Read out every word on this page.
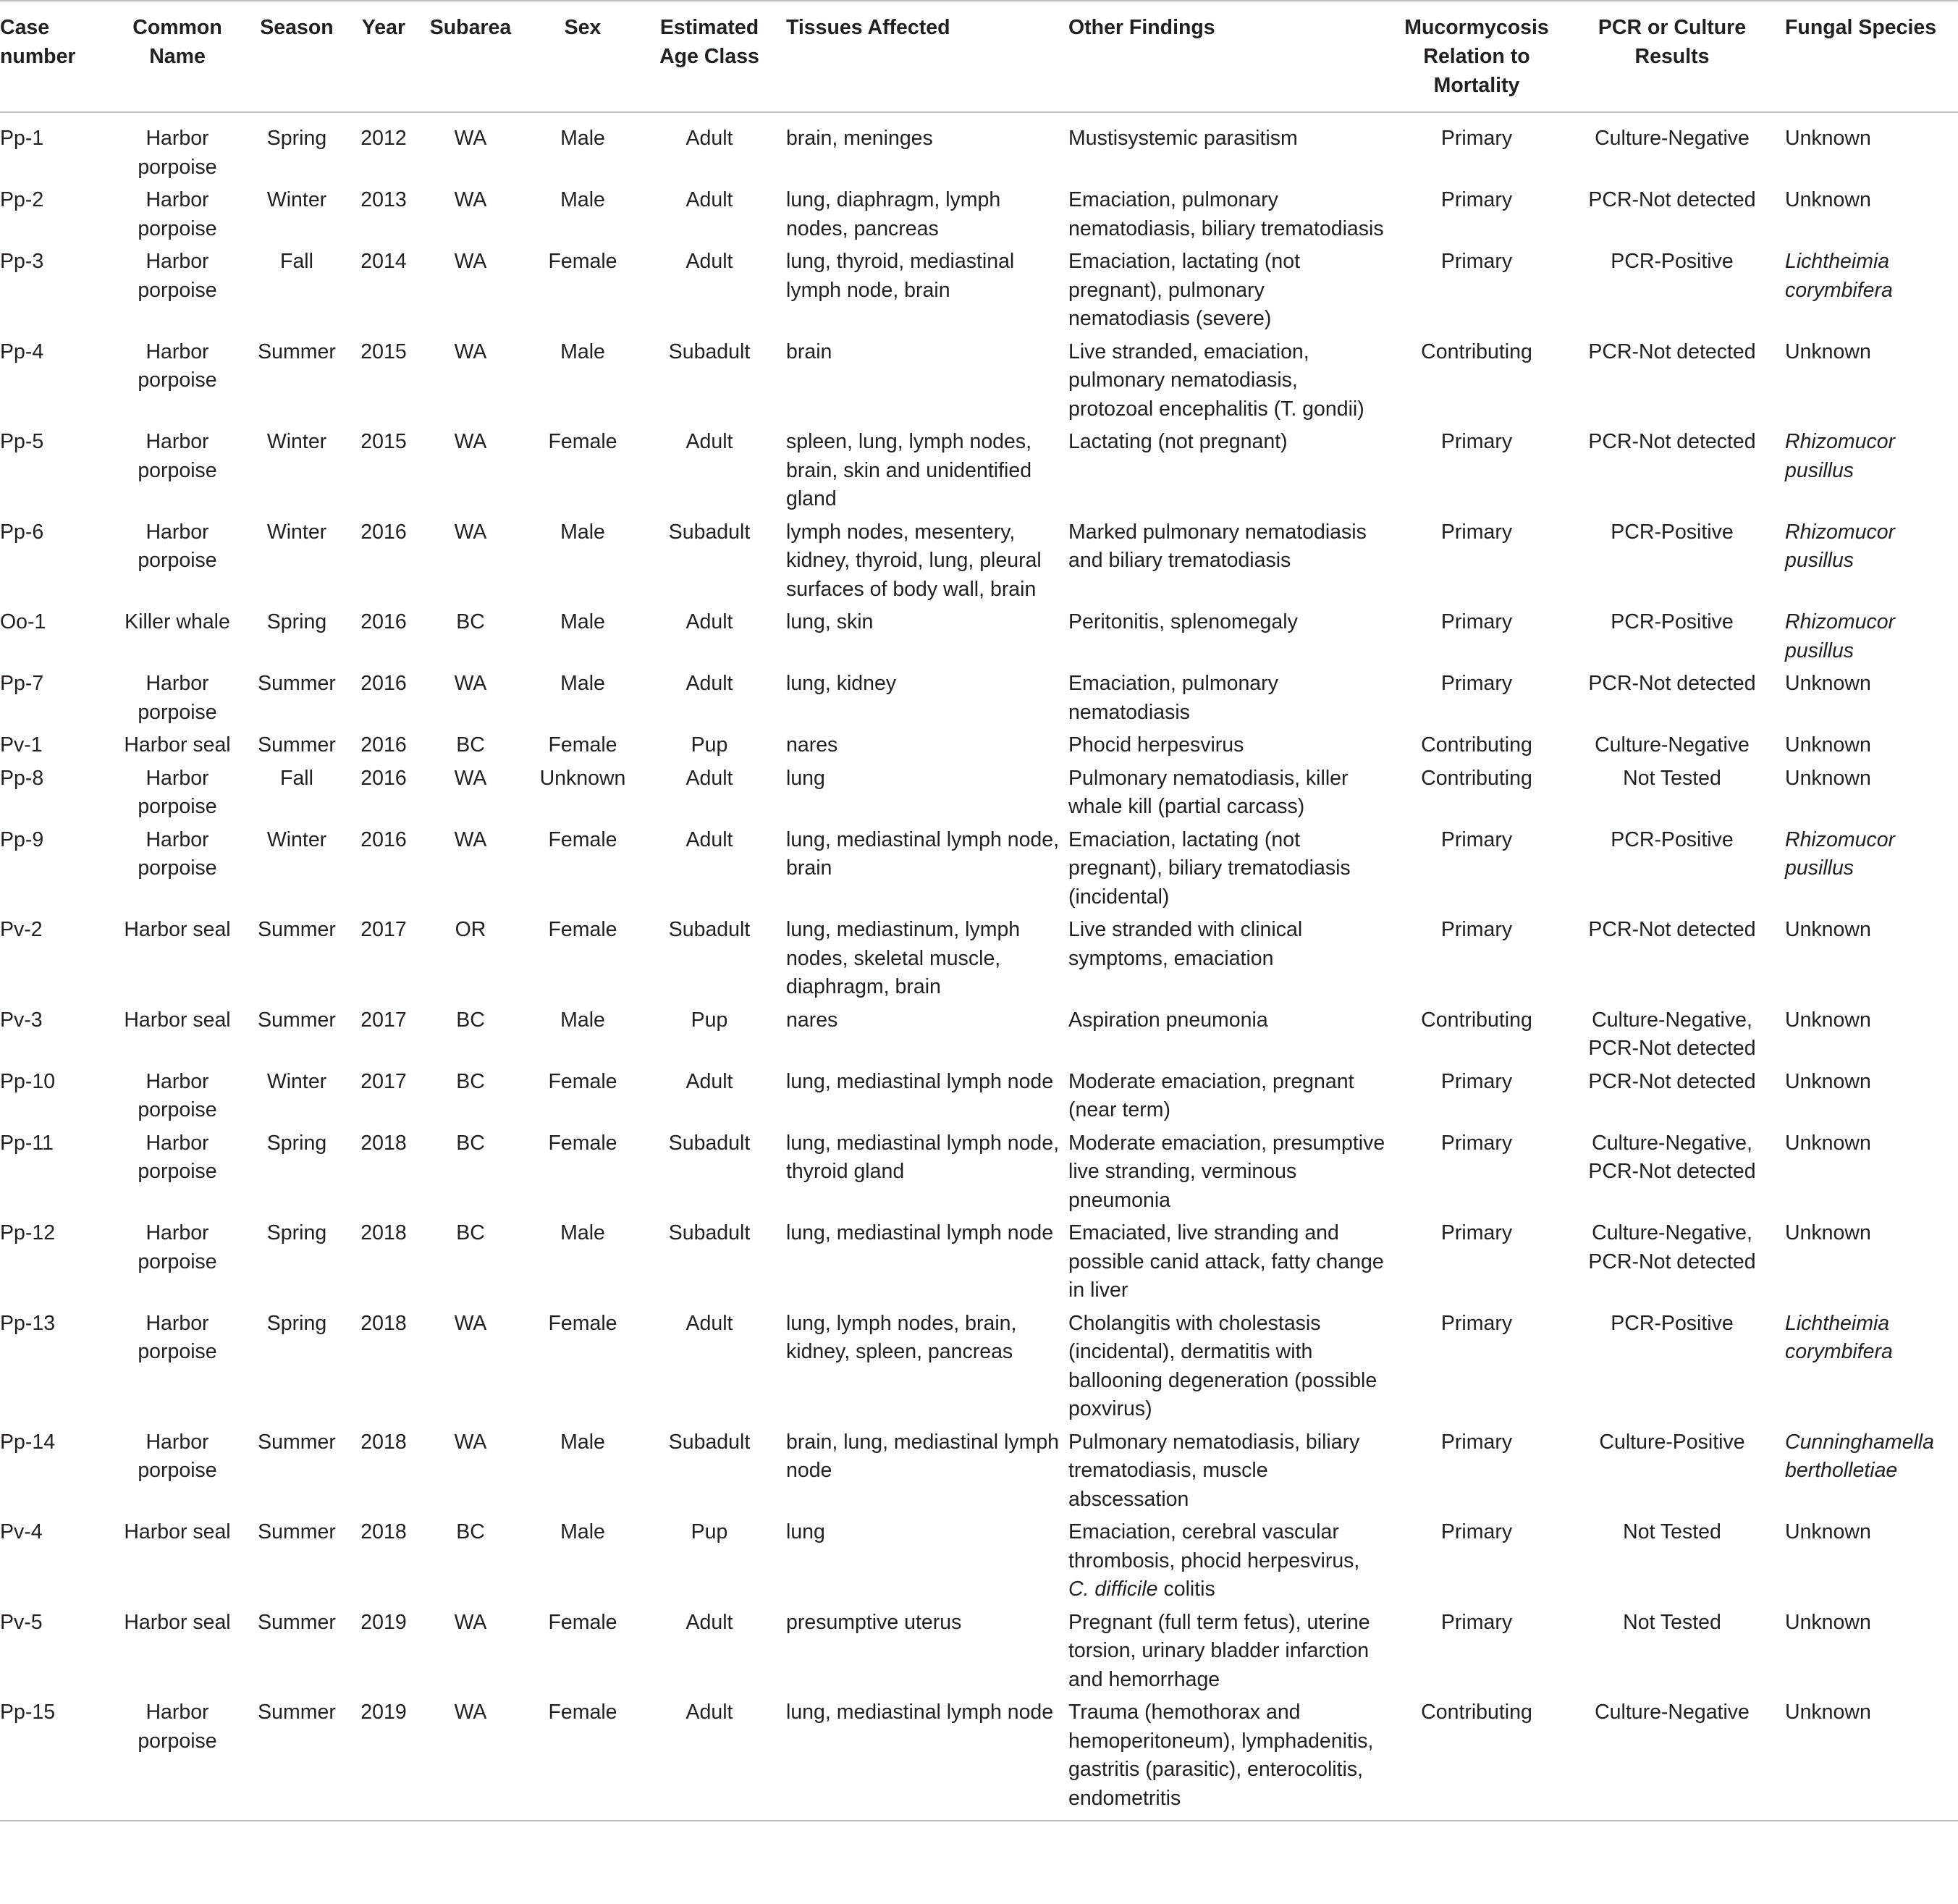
Case number	Common Name	Season	Year	Subarea	Sex	Estimated Age Class	Tissues Affected	Other Findings	Mucormycosis Relation to Mortality	PCR or Culture Results	Fungal Species
Pp-1	Harbor porpoise	Spring	2012	WA	Male	Adult	brain, meninges	Mustisystemic parasitism	Primary	Culture-Negative	Unknown
Pp-2	Harbor porpoise	Winter	2013	WA	Male	Adult	lung, diaphragm, lymph nodes, pancreas	Emaciation, pulmonary nematodiasis, biliary trematodiasis	Primary	PCR-Not detected	Unknown
Pp-3	Harbor porpoise	Fall	2014	WA	Female	Adult	lung, thyroid, mediastinal lymph node, brain	Emaciation, lactating (not pregnant), pulmonary nematodiasis (severe)	Primary	PCR-Positive	Lichtheimia corymbifera
Pp-4	Harbor porpoise	Summer	2015	WA	Male	Subadult	brain	Live stranded, emaciation, pulmonary nematodiasis, protozoal encephalitis (T. gondii)	Contributing	PCR-Not detected	Unknown
Pp-5	Harbor porpoise	Winter	2015	WA	Female	Adult	spleen, lung, lymph nodes, brain, skin and unidentified gland	Lactating (not pregnant)	Primary	PCR-Not detected	Rhizomucor pusillus
Pp-6	Harbor porpoise	Winter	2016	WA	Male	Subadult	lymph nodes, mesentery, kidney, thyroid, lung, pleural surfaces of body wall, brain	Marked pulmonary nematodiasis and biliary trematodiasis	Primary	PCR-Positive	Rhizomucor pusillus
Oo-1	Killer whale	Spring	2016	BC	Male	Adult	lung, skin	Peritonitis, splenomegaly	Primary	PCR-Positive	Rhizomucor pusillus
Pp-7	Harbor porpoise	Summer	2016	WA	Male	Adult	lung, kidney	Emaciation, pulmonary nematodiasis	Primary	PCR-Not detected	Unknown
Pv-1	Harbor seal	Summer	2016	BC	Female	Pup	nares	Phocid herpesvirus	Contributing	Culture-Negative	Unknown
Pp-8	Harbor porpoise	Fall	2016	WA	Unknown	Adult	lung	Pulmonary nematodiasis, killer whale kill (partial carcass)	Contributing	Not Tested	Unknown
Pp-9	Harbor porpoise	Winter	2016	WA	Female	Adult	lung, mediastinal lymph node, brain	Emaciation, lactating (not pregnant), biliary trematodiasis (incidental)	Primary	PCR-Positive	Rhizomucor pusillus
Pv-2	Harbor seal	Summer	2017	OR	Female	Subadult	lung, mediastinum, lymph nodes, skeletal muscle, diaphragm, brain	Live stranded with clinical symptoms, emaciation	Primary	PCR-Not detected	Unknown
Pv-3	Harbor seal	Summer	2017	BC	Male	Pup	nares	Aspiration pneumonia	Contributing	Culture-Negative, PCR-Not detected	Unknown
Pp-10	Harbor porpoise	Winter	2017	BC	Female	Adult	lung, mediastinal lymph node	Moderate emaciation, pregnant (near term)	Primary	PCR-Not detected	Unknown
Pp-11	Harbor porpoise	Spring	2018	BC	Female	Subadult	lung, mediastinal lymph node, thyroid gland	Moderate emaciation, presumptive live stranding, verminous pneumonia	Primary	Culture-Negative, PCR-Not detected	Unknown
Pp-12	Harbor porpoise	Spring	2018	BC	Male	Subadult	lung, mediastinal lymph node	Emaciated, live stranding and possible canid attack, fatty change in liver	Primary	Culture-Negative, PCR-Not detected	Unknown
Pp-13	Harbor porpoise	Spring	2018	WA	Female	Adult	lung, lymph nodes, brain, kidney, spleen, pancreas	Cholangitis with cholestasis (incidental), dermatitis with ballooning degeneration (possible poxvirus)	Primary	PCR-Positive	Lichtheimia corymbifera
Pp-14	Harbor porpoise	Summer	2018	WA	Male	Subadult	brain, lung, mediastinal lymph node	Pulmonary nematodiasis, biliary trematodiasis, muscle abscessation	Primary	Culture-Positive	Cunninghamella bertholletiae
Pv-4	Harbor seal	Summer	2018	BC	Male	Pup	lung	Emaciation, cerebral vascular thrombosis, phocid herpesvirus, C. difficile colitis	Primary	Not Tested	Unknown
Pv-5	Harbor seal	Summer	2019	WA	Female	Adult	presumptive uterus	Pregnant (full term fetus), uterine torsion, urinary bladder infarction and hemorrhage	Primary	Not Tested	Unknown
Pp-15	Harbor porpoise	Summer	2019	WA	Female	Adult	lung, mediastinal lymph node	Trauma (hemothorax and hemoperitoneum), lymphadenitis, gastritis (parasitic), enterocolitis, endometritis	Contributing	Culture-Negative	Unknown
